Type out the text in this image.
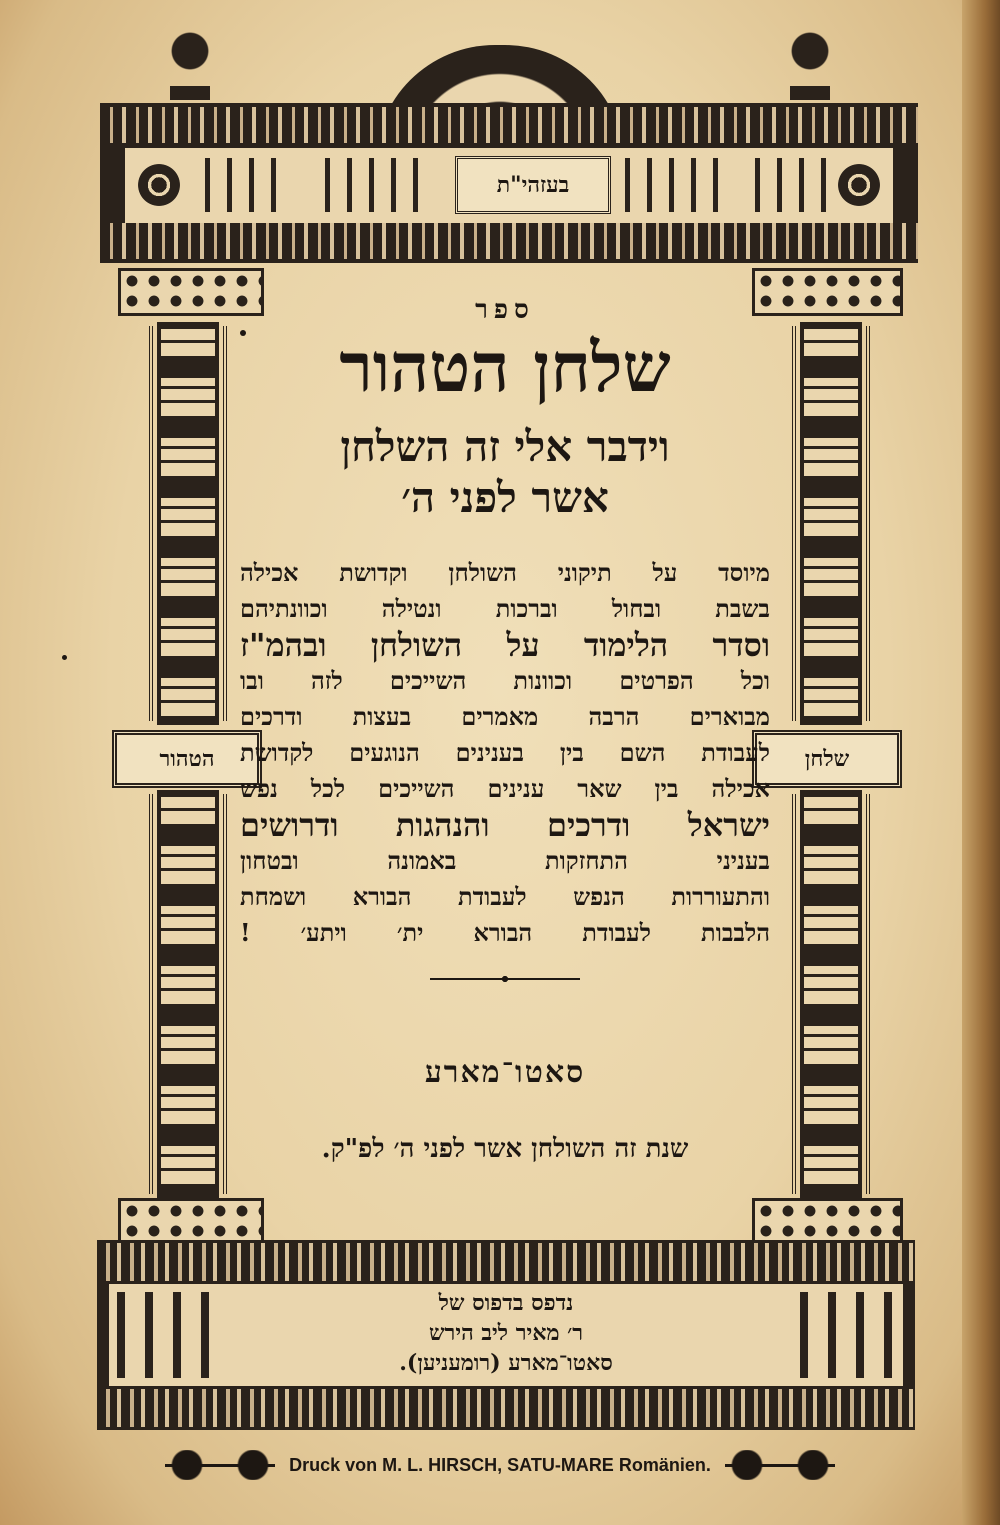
בעזהי"ת
הטהור	שלחן
ספר
שלחן הטהור
וידבר אלי זה השלחן
אשר לפני ה׳
מיוסד על תיקוני השולחן וקדושת אכילה
בשבת ובחול וברכות ונטילה וכוונתיהם
וסדר הלימוד על השולחן ובהמ"ז
וכל הפרטים וכוונות השייכים לזה ובו
מבוארים הרבה מאמרים בעצות ודרכים
לעבודת השם בין בענינים הנוגעים לקדושת
אכילה בין שאר ענינים השייכים לכל נפש
ישראל ודרכים והנהגות ודרושים
בעניני התחזקות באמונה ובטחון
והתעוררות הנפש לעבודת הבורא ושמחת
הלבבות לעבודת הבורא ית׳ ויתע׳ !
סאטו־מארע
שנת זה השולחן אשר לפני ה׳ לפ"ק.
נדפס בדפוס של
ר׳ מאיר ליב הירש
סאטו־מארע (רומעניען).
Druck von M. L. HIRSCH, SATU-MARE Romänien.
